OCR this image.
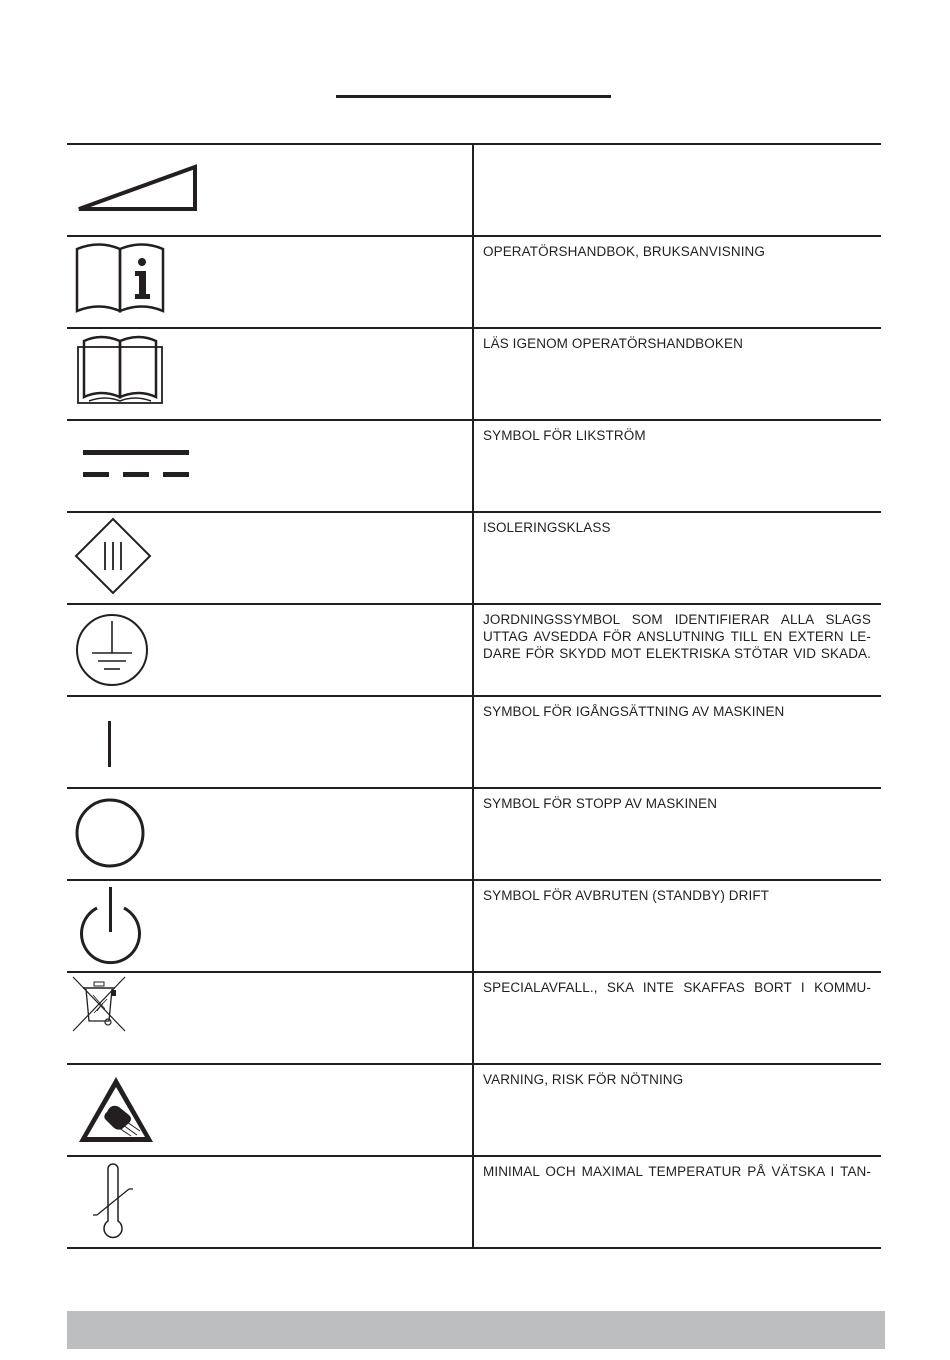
OPERATÖRSHANDBOK, BRUKSANVISNING
LÄS IGENOM OPERATÖRSHANDBOKEN
SYMBOL FÖR LIKSTRÖM
ISOLERINGSKLASS
JORDNINGSSYMBOL SOM IDENTIFIERAR ALLA SLAGS UTTAG AVSEDDA FÖR ANSLUTNING TILL EN EXTERN LE-DARE FÖR SKYDD MOT ELEKTRISKA STÖTAR VID SKADA.
SYMBOL FÖR IGÅNGSÄTTNING AV MASKINEN
SYMBOL FÖR STOPP AV MASKINEN
SYMBOL FÖR AVBRUTEN (STANDBY) DRIFT
SPECIALAVFALL., SKA INTE SKAFFAS BORT I KOMMU-
VARNING, RISK FÖR NÖTNING
MINIMAL OCH MAXIMAL TEMPERATUR PÅ VÄTSKA I TAN-
